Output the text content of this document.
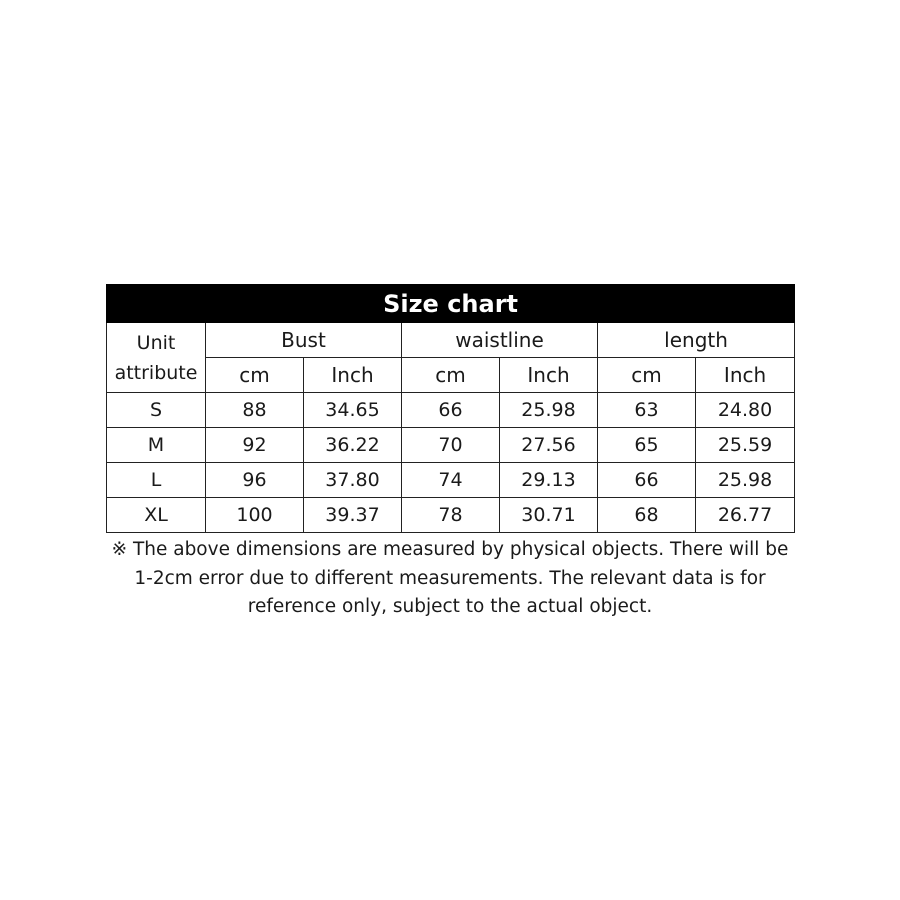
Size chart						

Unit
attribute	Bust		waistline		length	
	cm	Inch	cm	Inch	cm	Inch
S	88	34.65	66	25.98	63	24.80
M	92	36.22	70	27.56	65	25.59
L	96	37.80	74	29.13	66	25.98
XL	100	39.37	78	30.71	68	26.77
※ The above dimensions are measured by physical objects. There will be
1-2cm error due to different measurements. The relevant data is for
reference only, subject to the actual object.
